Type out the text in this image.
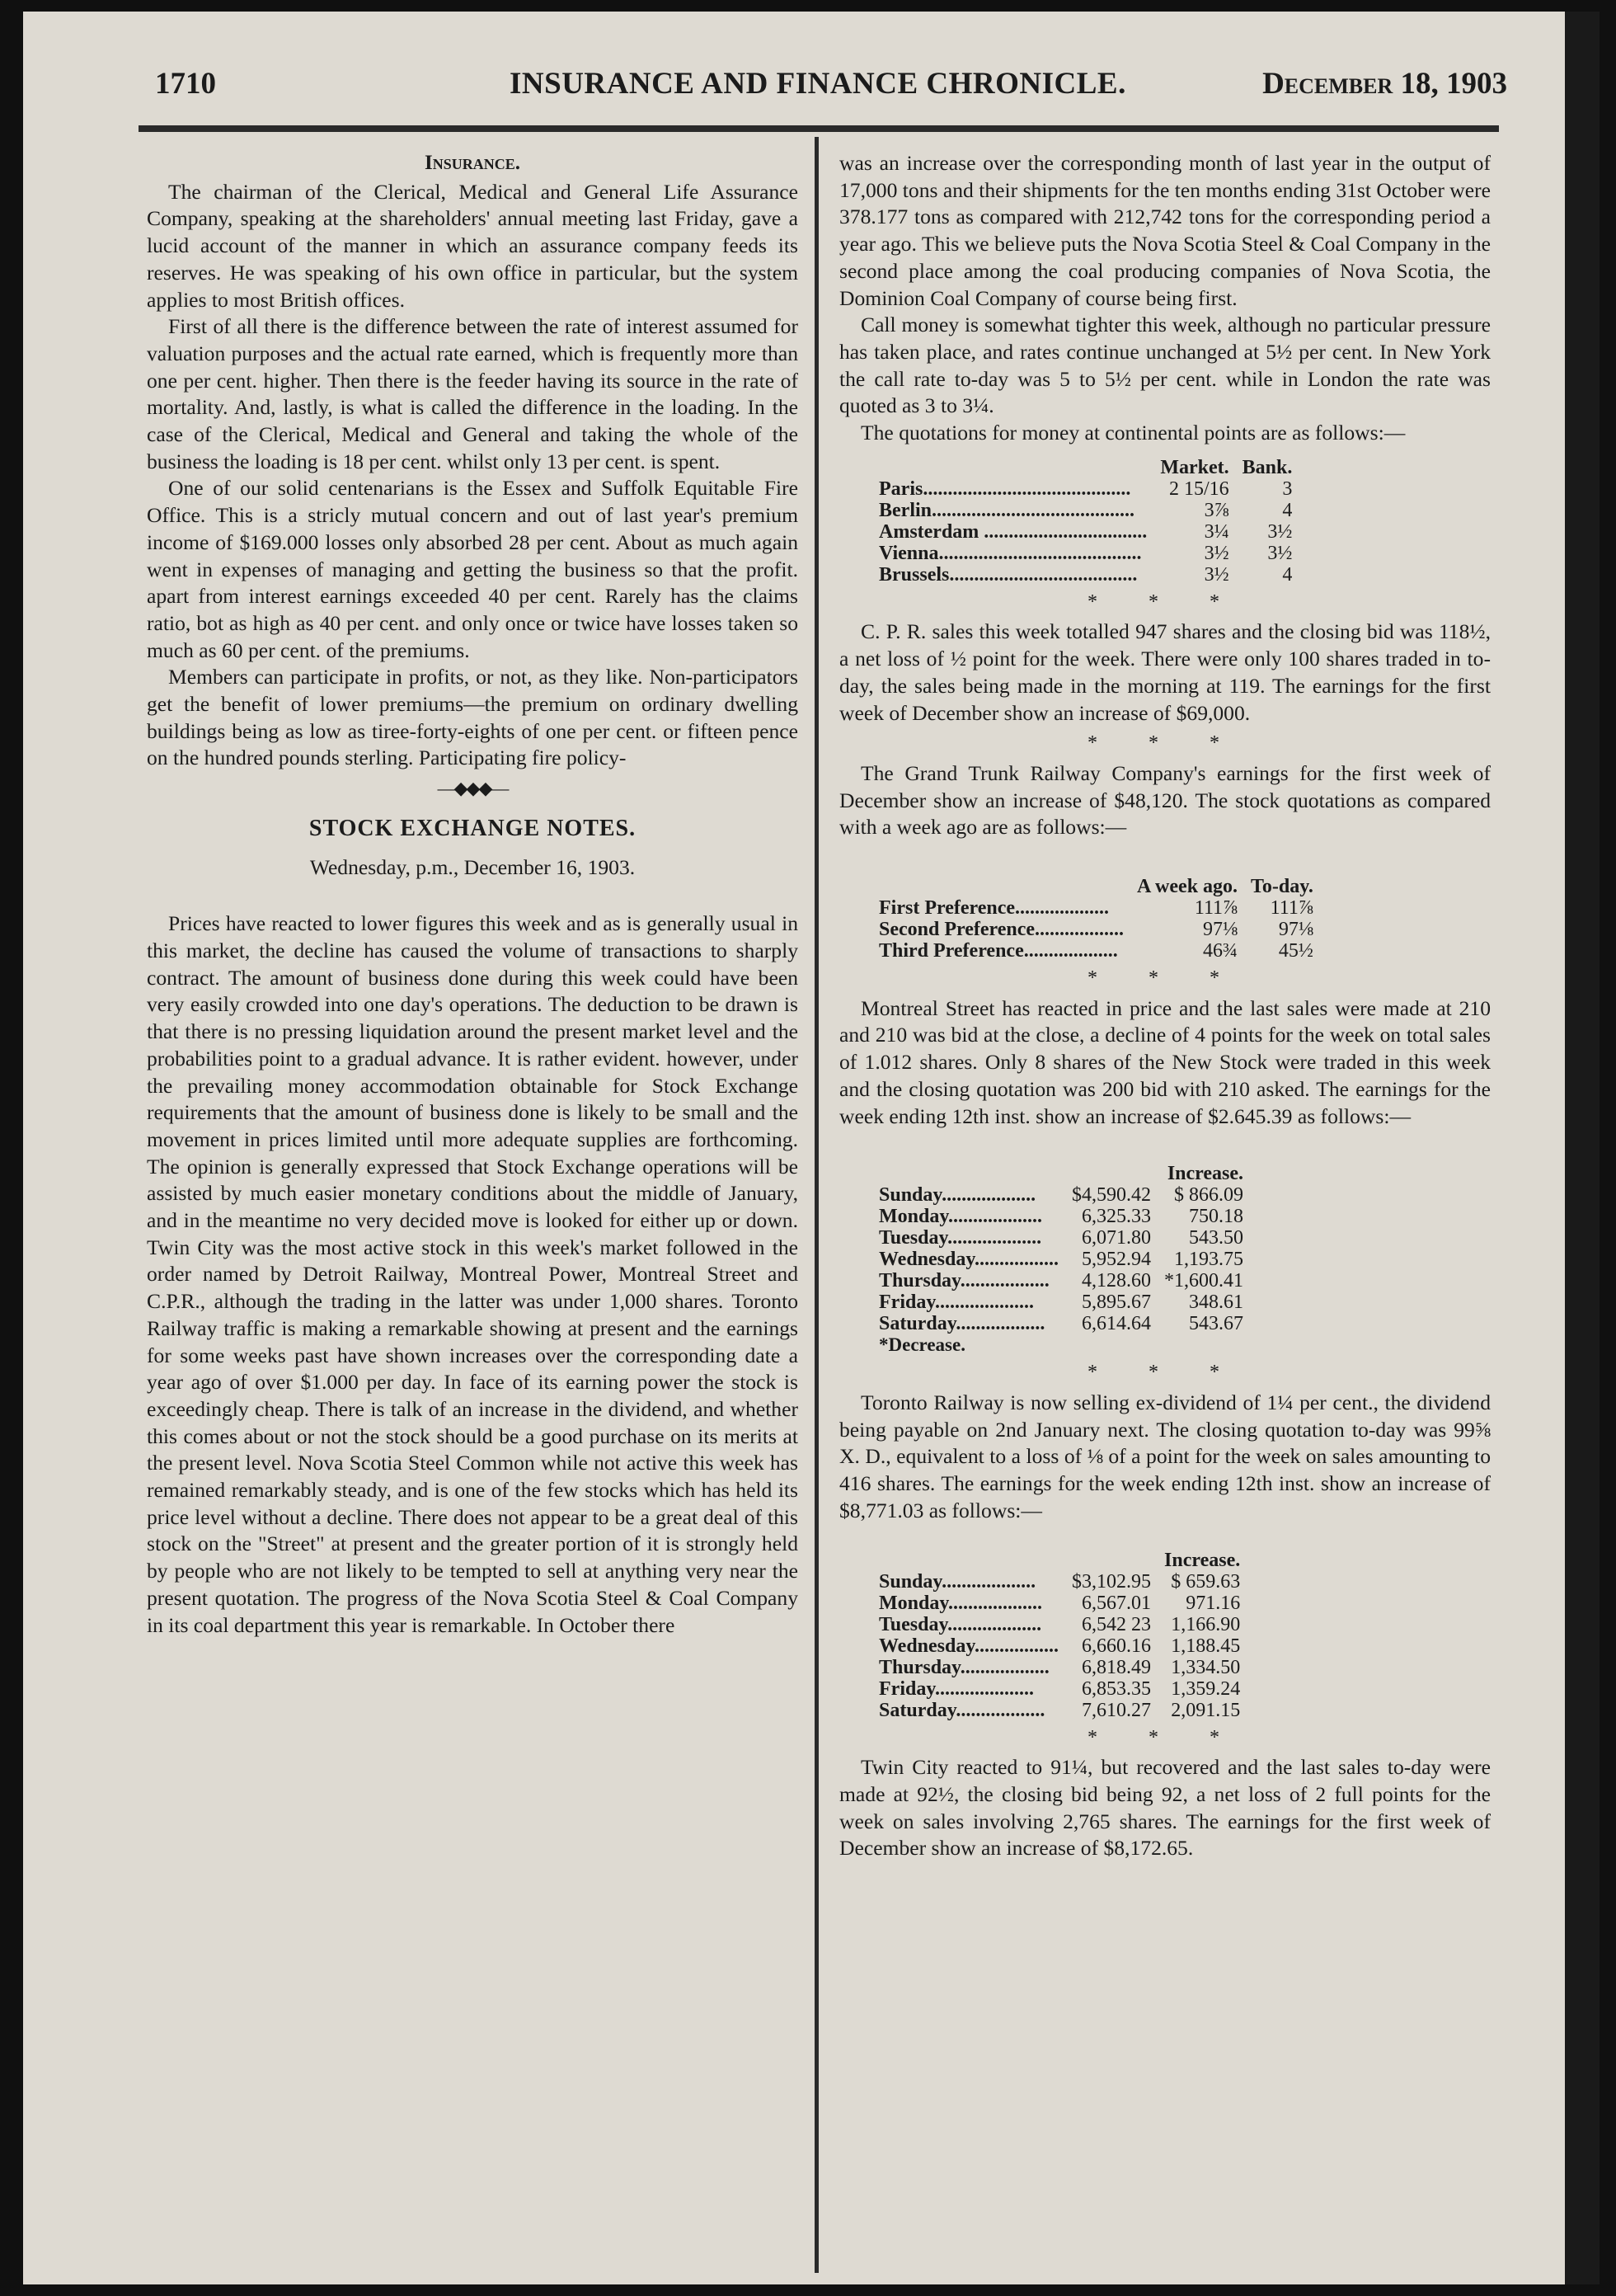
1710	INSURANCE AND FINANCE CHRONICLE.	December 18, 1903
Insurance.

The chairman of the Clerical, Medical and General Life Assurance Company, speaking at the shareholders' annual meeting last Friday, gave a lucid account of the manner in which an assurance company feeds its reserves. He was speaking of his own office in particular, but the system applies to most British offices.

First of all there is the difference between the rate of interest assumed for valuation purposes and the actual rate earned, which is frequently more than one per cent. higher. Then there is the feeder having its source in the rate of mortality. And, lastly, is what is called the difference in the loading. In the case of the Clerical, Medical and General and taking the whole of the business the loading is 18 per cent. whilst only 13 per cent. is spent.

One of our solid centenarians is the Essex and Suffolk Equitable Fire Office. This is a stricly mutual concern and out of last year's premium income of $169.000 losses only absorbed 28 per cent. About as much again went in expenses of managing and getting the business so that the profit. apart from interest earnings exceeded 40 per cent. Rarely has the claims ratio, bot as high as 40 per cent. and only once or twice have losses taken so much as 60 per cent. of the premiums.

Members can participate in profits, or not, as they like. Non-participators get the benefit of lower premiums—the premium on ordinary dwelling buildings being as low as tiree-forty-eights of one per cent. or fifteen pence on the hundred pounds sterling. Participating fire policy-

—◆◆◆—
STOCK EXCHANGE NOTES.
Wednesday, p.m., December 16, 1903.

Prices have reacted to lower figures this week and as is generally usual in this market, the decline has caused the volume of transactions to sharply contract. The amount of business done during this week could have been very easily crowded into one day's operations. The deduction to be drawn is that there is no pressing liquidation around the present market level and the probabilities point to a gradual advance. It is rather evident. however, under the prevailing money accommodation obtainable for Stock Exchange requirements that the amount of business done is likely to be small and the movement in prices limited until more adequate supplies are forthcoming. The opinion is generally expressed that Stock Exchange operations will be assisted by much easier monetary conditions about the middle of January, and in the meantime no very decided move is looked for either up or down. Twin City was the most active stock in this week's market followed in the order named by Detroit Railway, Montreal Power, Montreal Street and C.P.R., although the trading in the latter was under 1,000 shares. Toronto Railway traffic is making a remarkable showing at present and the earnings for some weeks past have shown increases over the corresponding date a year ago of over $1.000 per day. In face of its earning power the stock is exceedingly cheap. There is talk of an increase in the dividend, and whether this comes about or not the stock should be a good purchase on its merits at the present level. Nova Scotia Steel Common while not active this week has remained remarkably steady, and is one of the few stocks which has held its price level without a decline. There does not appear to be a great deal of this stock on the "Street" at present and the greater portion of it is strongly held by people who are not likely to be tempted to sell at anything very near the present quotation. The progress of the Nova Scotia Steel & Coal Company in its coal department this year is remarkable. In October there

was an increase over the corresponding month of last year in the output of 17,000 tons and their shipments for the ten months ending 31st October were 378.177 tons as compared with 212,742 tons for the corresponding period a year ago. This we believe puts the Nova Scotia Steel & Coal Company in the second place among the coal producing companies of Nova Scotia, the Dominion Coal Company of course being first.

Call money is somewhat tighter this week, although no particular pressure has taken place, and rates continue unchanged at 5½ per cent. In New York the call rate to-day was 5 to 5½ per cent. while in London the rate was quoted as 3 to 3¼.

The quotations for money at continental points are as follows:—

	Market.	Bank.
Paris..........................................	2 15/16	3
Berlin.........................................	3⅞	4
Amsterdam .................................	3¼	3½
Vienna.........................................	3½	3½
Brussels......................................	3½	4
* * *

C. P. R. sales this week totalled 947 shares and the closing bid was 118½, a net loss of ½ point for the week. There were only 100 shares traded in to-day, the sales being made in the morning at 119. The earnings for the first week of December show an increase of $69,000.

* * *

The Grand Trunk Railway Company's earnings for the first week of December show an increase of $48,120. The stock quotations as compared with a week ago are as follows:—

	A week ago.	To-day.
First Preference...................	111⅞	111⅞
Second Preference..................	97⅛	97⅛
Third Preference...................	46¾	45½
* * *

Montreal Street has reacted in price and the last sales were made at 210 and 210 was bid at the close, a decline of 4 points for the week on total sales of 1.012 shares. Only 8 shares of the New Stock were traded in this week and the closing quotation was 200 bid with 210 asked. The earnings for the week ending 12th inst. show an increase of $2.645.39 as follows:—

		Increase.
Sunday...................	$4,590.42	$ 866.09
Monday...................	6,325.33	750.18
Tuesday...................	6,071.80	543.50
Wednesday.................	5,952.94	1,193.75
Thursday..................	4,128.60	*1,600.41
Friday....................	5,895.67	348.61
Saturday..................	6,614.64	543.67
*Decrease.		
* * *

Toronto Railway is now selling ex-dividend of 1¼ per cent., the dividend being payable on 2nd January next. The closing quotation to-day was 99⅝ X. D., equivalent to a loss of ⅛ of a point for the week on sales amounting to 416 shares. The earnings for the week ending 12th inst. show an increase of $8,771.03 as follows:—

		Increase.
Sunday...................	$3,102.95	$ 659.63
Monday...................	6,567.01	971.16
Tuesday...................	6,542 23	1,166.90
Wednesday.................	6,660.16	1,188.45
Thursday..................	6,818.49	1,334.50
Friday....................	6,853.35	1,359.24
Saturday..................	7,610.27	2,091.15
* * *

Twin City reacted to 91¼, but recovered and the last sales to-day were made at 92½, the closing bid being 92, a net loss of 2 full points for the week on sales involving 2,765 shares. The earnings for the first week of December show an increase of $8,172.65.
